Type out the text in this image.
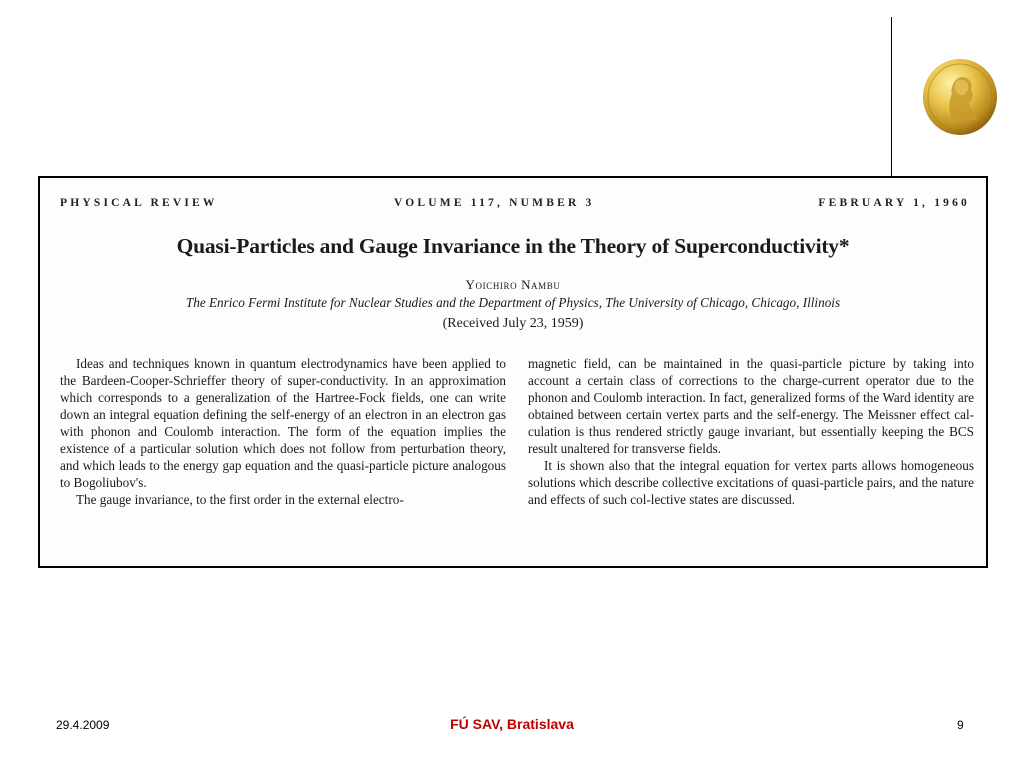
PHYSICAL REVIEW	VOLUME 117, NUMBER 3	FEBRUARY 1, 1960
Quasi-Particles and Gauge Invariance in the Theory of Superconductivity*
Yoichiro Nambu
The Enrico Fermi Institute for Nuclear Studies and the Department of Physics, The University of Chicago, Chicago, Illinois
(Received July 23, 1959)

Ideas and techniques known in quantum electrodynamics have been applied to the Bardeen-Cooper-Schrieffer theory of super-conductivity. In an approximation which corresponds to a generalization of the Hartree-Fock fields, one can write down an integral equation defining the self-energy of an electron in an electron gas with phonon and Coulomb interaction. The form of the equation implies the existence of a particular solution which does not follow from perturbation theory, and which leads to the energy gap equation and the quasi-particle picture analogous to Bogoliubov's.

The gauge invariance, to the first order in the external electro-

magnetic field, can be maintained in the quasi-particle picture by taking into account a certain class of corrections to the charge-current operator due to the phonon and Coulomb interaction. In fact, generalized forms of the Ward identity are obtained between certain vertex parts and the self-energy. The Meissner effect cal-culation is thus rendered strictly gauge invariant, but essentially keeping the BCS result unaltered for transverse fields.

It is shown also that the integral equation for vertex parts allows homogeneous solutions which describe collective excitations of quasi-particle pairs, and the nature and effects of such col-lective states are discussed.

29.4.2009	FÚ SAV, Bratislava	9
